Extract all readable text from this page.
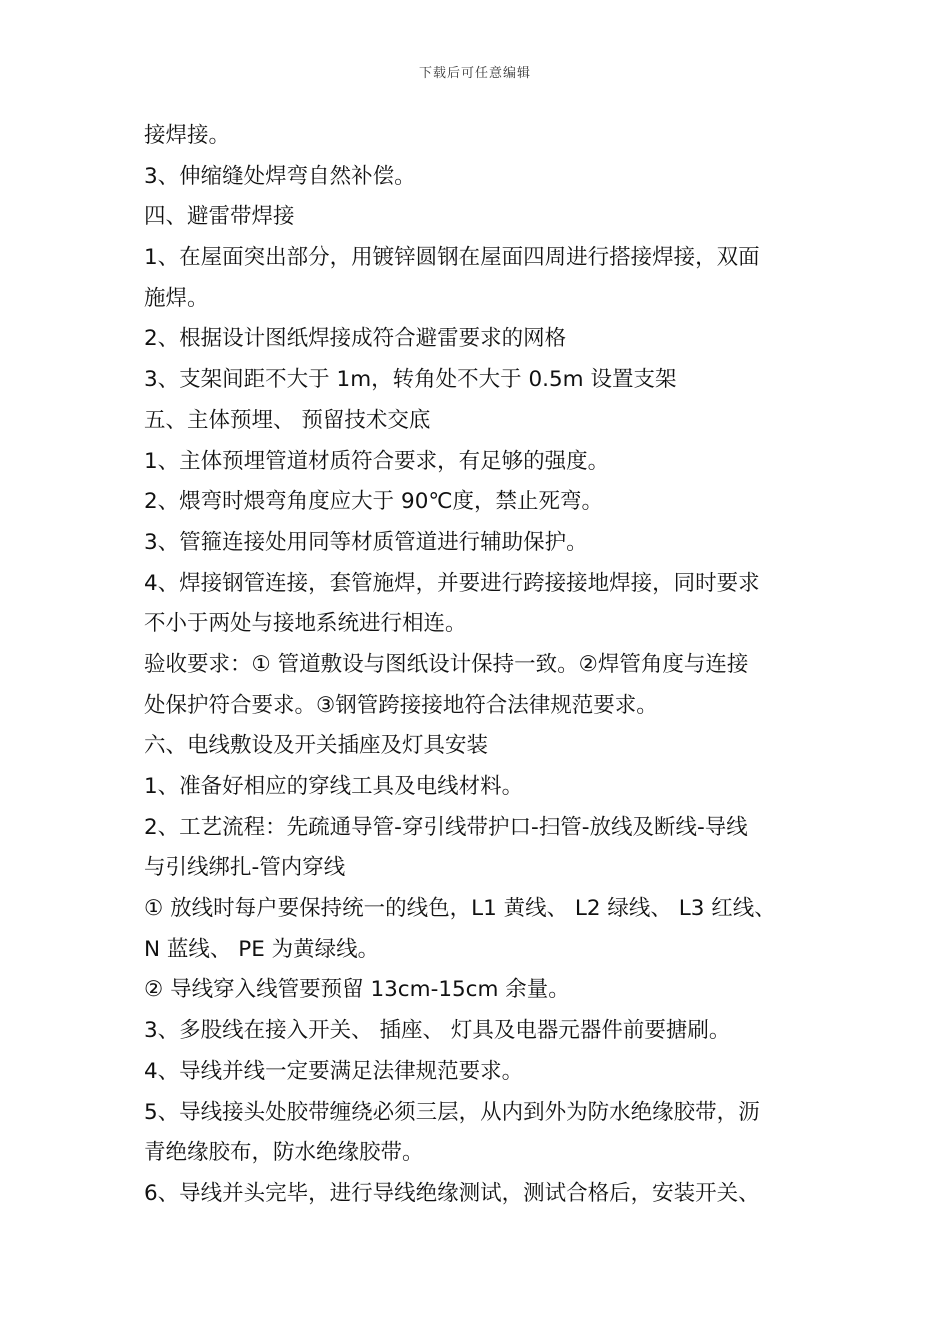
下载后可任意编辑
接焊接。
3、伸缩缝处焊弯自然补偿。
四、避雷带焊接
1、在屋面突出部分，用镀锌圆钢在屋面四周进行搭接焊接，双面
施焊。
2、根据设计图纸焊接成符合避雷要求的网格
3、支架间距不大于 1m，转角处不大于 0.5m 设置支架
五、主体预埋、 预留技术交底
1、主体预埋管道材质符合要求，有足够的强度。
2、煨弯时煨弯角度应大于 90℃度，禁止死弯。
3、管箍连接处用同等材质管道进行辅助保护。
4、焊接钢管连接，套管施焊，并要进行跨接接地焊接，同时要求
不小于两处与接地系统进行相连。
验收要求：① 管道敷设与图纸设计保持一致。②焊管角度与连接
处保护符合要求。③钢管跨接接地符合法律规范要求。
六、电线敷设及开关插座及灯具安装
1、准备好相应的穿线工具及电线材料。
2、工艺流程：先疏通导管-穿引线带护口-扫管-放线及断线-导线
与引线绑扎-管内穿线
① 放线时每户要保持统一的线色，L1 黄线、 L2 绿线、 L3 红线、
N 蓝线、 PE 为黄绿线。
② 导线穿入线管要预留 13cm-15cm 余量。
3、多股线在接入开关、 插座、 灯具及电器元器件前要搪刷。
4、导线并线一定要满足法律规范要求。
5、导线接头处胶带缠绕必须三层，从内到外为防水绝缘胶带，沥
青绝缘胶布，防水绝缘胶带。
6、导线并头完毕，进行导线绝缘测试，测试合格后，安装开关、
